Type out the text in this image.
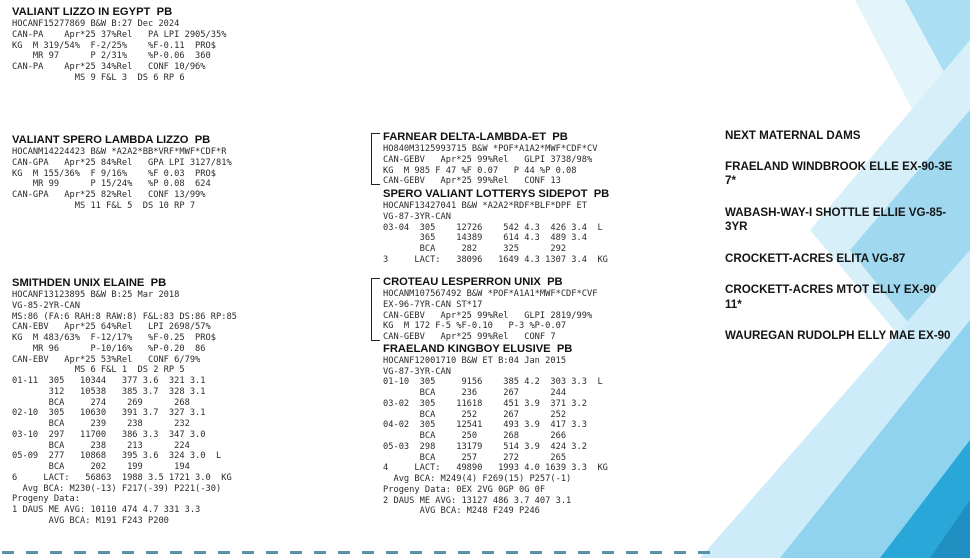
VALIANT LIZZO IN EGYPT  PB
HOCANF15277869 B&W B:27 Dec 2024
CAN-PA    Apr*25 37%Rel   PA LPI 2905/35%
KG  M 319/54%  F-2/25%    %F-0.11  PRO$
MR 97      P 2/31%    %P-0.06  360
CAN-PA    Apr*25 34%Rel   CONF 10/96%
MS 9 F&L 3  DS 6 RP 6
VALIANT SPERO LAMBDA LIZZO  PB
HOCANM14224423 B&W *A2A2*BB*VRF*MWF*CDF*R
CAN-GPA   Apr*25 84%Rel   GPA LPI 3127/81%
KG  M 155/36%  F 9/16%    %F 0.03  PRO$
MR 99      P 15/24%   %P 0.08  624
CAN-GPA   Apr*25 82%Rel   CONF 13/99%
MS 11 F&L 5  DS 10 RP 7
SMITHDEN UNIX ELAINE  PB
HOCANF13123895 B&W B:25 Mar 2018
VG-85-2YR-CAN
MS:86 (FA:6 RAH:8 RAW:8) F&L:83 DS:86 RP:85
CAN-EBV   Apr*25 64%Rel   LPI 2698/57%
KG  M 483/63%  F-12/17%   %F-0.25  PRO$
MR 96      P-10/16%   %P-0.20  86
CAN-EBV   Apr*25 53%Rel   CONF 6/79%
MS 6 F&L 1  DS 2 RP 5
01-11  305   10344   377 3.6  321 3.1
312   10538   385 3.7  328 3.1
BCA     274    269      268
02-10  305   10630   391 3.7  327 3.1
BCA     239    238      232
03-10  297   11700   386 3.3  347 3.0
BCA     238    213      224
05-09  277   10868   395 3.6  324 3.0  L
BCA     202    199      194
6     LACT:   56863  1988 3.5 1721 3.0  KG
Avg BCA: M230(-13) F217(-39) P221(-30)
Progeny Data:
1 DAUS ME AVG: 10110 474 4.7 331 3.3
AVG BCA: M191 F243 P200
FARNEAR DELTA-LAMBDA-ET  PB
HO840M3125993715 B&W *POF*A1A2*MWF*CDF*CV
CAN-GEBV   Apr*25 99%Rel   GLPI 3738/98%
KG  M 985 F 47 %F 0.07   P 44 %P 0.08
CAN-GEBV   Apr*25 99%Rel   CONF 13
SPERO VALIANT LOTTERYS SIDEPOT  PB
HOCANF13427041 B&W *A2A2*RDF*BLF*DPF ET
VG-87-3YR-CAN
03-04  305    12726    542 4.3  426 3.4  L
365    14389    614 4.3  489 3.4
BCA     282     325      292
3     LACT:   38096   1649 4.3 1307 3.4  KG
CROTEAU LESPERRON UNIX  PB
HOCANM107567492 B&W *POF*A1A1*MWF*CDF*CVF
EX-96-7YR-CAN ST*17
CAN-GEBV   Apr*25 99%Rel   GLPI 2819/99%
KG  M 172 F-5 %F-0.10   P-3 %P-0.07
CAN-GEBV   Apr*25 99%Rel   CONF 7
FRAELAND KINGBOY ELUSIVE  PB
HOCANF12001710 B&W ET B:04 Jan 2015
VG-87-3YR-CAN
01-10  305     9156    385 4.2  303 3.3  L
BCA     236     267      244
03-02  305    11618    451 3.9  371 3.2
BCA     252     267      252
04-02  305    12541    493 3.9  417 3.3
BCA     250     268      266
05-03  298    13179    514 3.9  424 3.2
BCA     257     272      265
4     LACT:   49890   1993 4.0 1639 3.3  KG
Avg BCA: M249(4) F269(15) P257(-1)
Progeny Data: 0EX 2VG 0GP 0G 0F
2 DAUS ME AVG: 13127 486 3.7 407 3.1
AVG BCA: M248 F249 P246
NEXT MATERNAL DAMS
FRAELAND WINDBROOK ELLE EX-90-3E 7*
WABASH-WAY-I SHOTTLE ELLIE VG-85-3YR
CROCKETT-ACRES ELITA VG-87
CROCKETT-ACRES MTOT ELLY EX-90 11*
WAUREGAN RUDOLPH ELLY MAE EX-90
